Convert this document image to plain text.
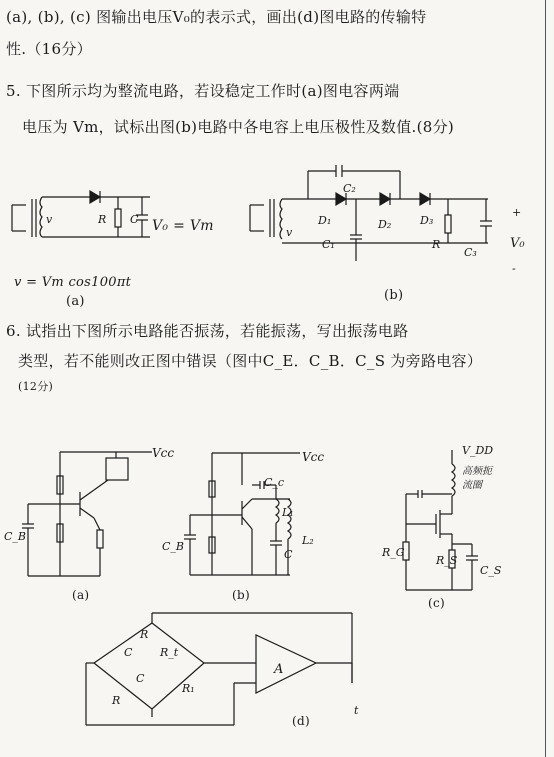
(a), (b), (c) 图输出电压V₀的表示式，画出(d)图电路的传输特
性.（16分）
5. 下图所示均为整流电路，若设稳定工作时(a)图电容两端
电压为 Vm，试标出图(b)电路中各电容上电压极性及数值.(8分)
R C
v	V₀ = Vm
v = Vm cos100πt
(a)
C₂
D₁	D₂	D₃
C₁	R
C₃
V₀
v
+
-
(b)
6. 试指出下图所示电路能否振荡，若能振荡，写出振荡电路
类型，若不能则改正图中错误（图中C_E．C_B．C_S 为旁路电容）
(12分)
Vcc
C_B
(a)
Vcc
C_B
C_c
L₁
L₂
C
(b)
V_DD
高频扼
流圈
R_G
R_S
C_S
(c)
R
C	R_t
C
R
R₁
A
t
(d)
